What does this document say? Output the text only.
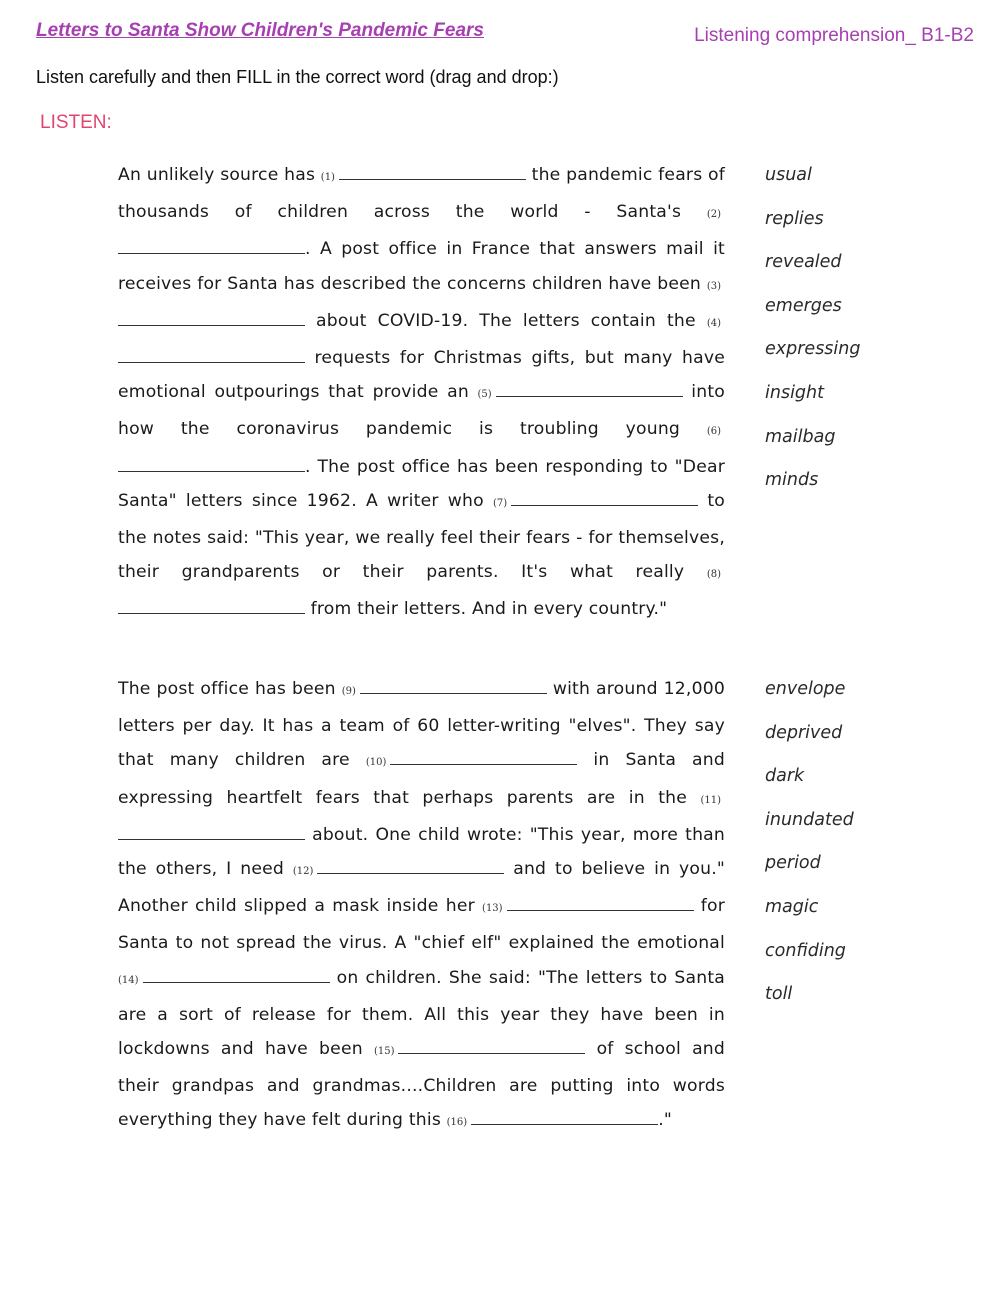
Letters to Santa Show Children's Pandemic Fears	Listening comprehension_ B1-B2
Listen carefully and then FILL in the correct word (drag and drop:)
LISTEN:

An unlikely source has (1)	the pandemic fears of thousands of children across the world - Santa's (2). A post office in France that answers mail it receives for Santa has described the concerns children have been (3) about COVID-19. The letters contain the (4) requests for Christmas gifts, but many have emotional outpourings that provide an (5)	into how the coronavirus pandemic is troubling young (6). The post office has been responding to "Dear Santa" letters since 1962. A writer who (7)	to the notes said: "This year, we really feel their fears - for themselves, their grandparents or their parents. It's what really (8) from their letters. And in every country."

usual
replies
revealed
emerges
expressing
insight
mailbag
minds

The post office has been (9)	with around 12,000 letters per day. It has a team of 60 letter-writing "elves". They say that many children are (10)	in Santa and expressing heartfelt fears that perhaps parents are in the (11) about. One child wrote: "This year, more than the others, I need (12)	and to believe in you." Another child slipped a mask inside her (13)	for Santa to not spread the virus. A "chief elf" explained the emotional (14)	on children. She said: "The letters to Santa are a sort of release for them. All this year they have been in lockdowns and have been (15)	of school and their grandpas and grandmas....Children are putting into words everything they have felt during this (16)	."

envelope
deprived
dark
inundated
period
magic
confiding
toll
